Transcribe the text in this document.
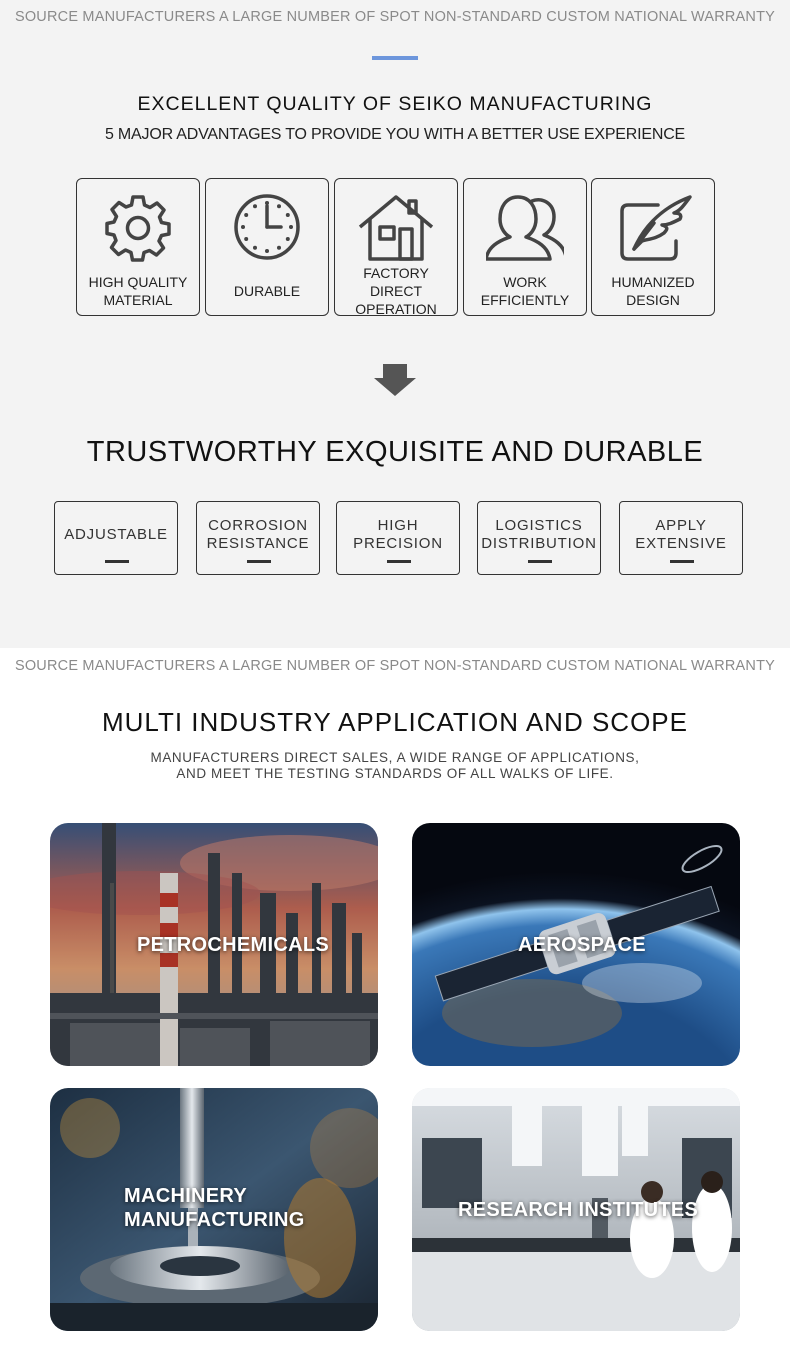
SOURCE MANUFACTURERS A LARGE NUMBER OF SPOT NON-STANDARD CUSTOM NATIONAL WARRANTY
EXCELLENT QUALITY OF SEIKO MANUFACTURING
5 MAJOR ADVANTAGES TO PROVIDE YOU WITH A BETTER USE EXPERIENCE
HIGH QUALITY
MATERIAL
DURABLE
FACTORY DIRECT
OPERATION
WORK
EFFICIENTLY
HUMANIZED
DESIGN
TRUSTWORTHY EXQUISITE AND DURABLE
ADJUSTABLE
CORROSION
RESISTANCE
HIGH
PRECISION
LOGISTICS
DISTRIBUTION
APPLY
EXTENSIVE
SOURCE MANUFACTURERS A LARGE NUMBER OF SPOT NON-STANDARD CUSTOM NATIONAL WARRANTY
MULTI INDUSTRY APPLICATION AND SCOPE
MANUFACTURERS DIRECT SALES, A WIDE RANGE OF APPLICATIONS,
AND MEET THE TESTING STANDARDS OF ALL WALKS OF LIFE.
PETROCHEMICALS	AEROSPACE
MACHINERY
MANUFACTURING	RESEARCH INSTITUTES
